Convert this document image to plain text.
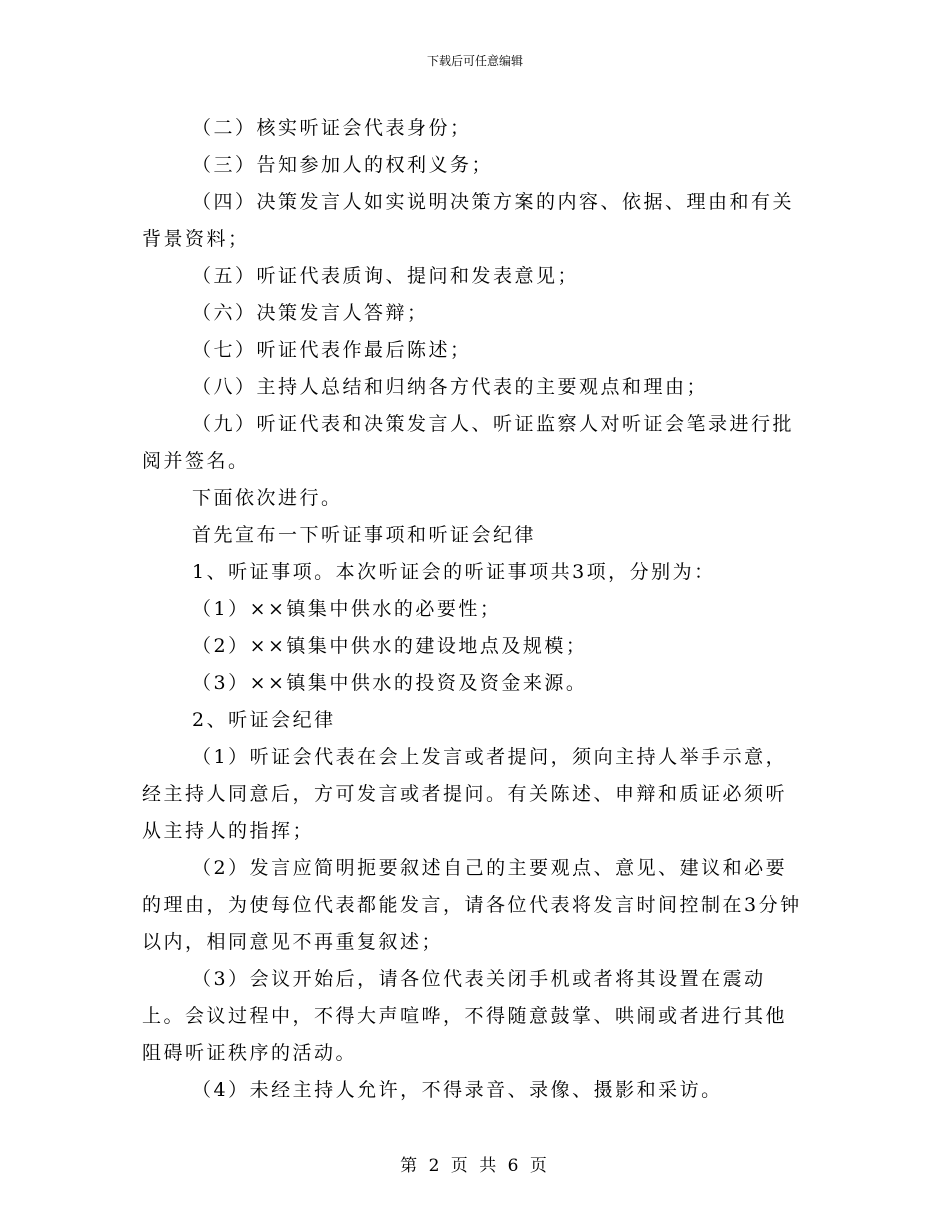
下载后可任意编辑

（二）核实听证会代表身份；

（三）告知参加人的权利义务；

（四）决策发言人如实说明决策方案的内容、依据、理由和有关背景资料；

（五）听证代表质询、提问和发表意见；

（六）决策发言人答辩；

（七）听证代表作最后陈述；

（八）主持人总结和归纳各方代表的主要观点和理由；

（九）听证代表和决策发言人、听证监察人对听证会笔录进行批阅并签名。

下面依次进行。

首先宣布一下听证事项和听证会纪律

1、听证事项。本次听证会的听证事项共3项，分别为：

（1）××镇集中供水的必要性；

（2）××镇集中供水的建设地点及规模；

（3）××镇集中供水的投资及资金来源。

2、听证会纪律

（1）听证会代表在会上发言或者提问，须向主持人举手示意，经主持人同意后，方可发言或者提问。有关陈述、申辩和质证必须听从主持人的指挥；

（2）发言应简明扼要叙述自己的主要观点、意见、建议和必要的理由，为使每位代表都能发言，请各位代表将发言时间控制在3分钟以内，相同意见不再重复叙述；

（3）会议开始后，请各位代表关闭手机或者将其设置在震动上。会议过程中，不得大声喧哗，不得随意鼓掌、哄闹或者进行其他阻碍听证秩序的活动。

（4）未经主持人允许，不得录音、录像、摄影和采访。

第 2 页 共 6 页
